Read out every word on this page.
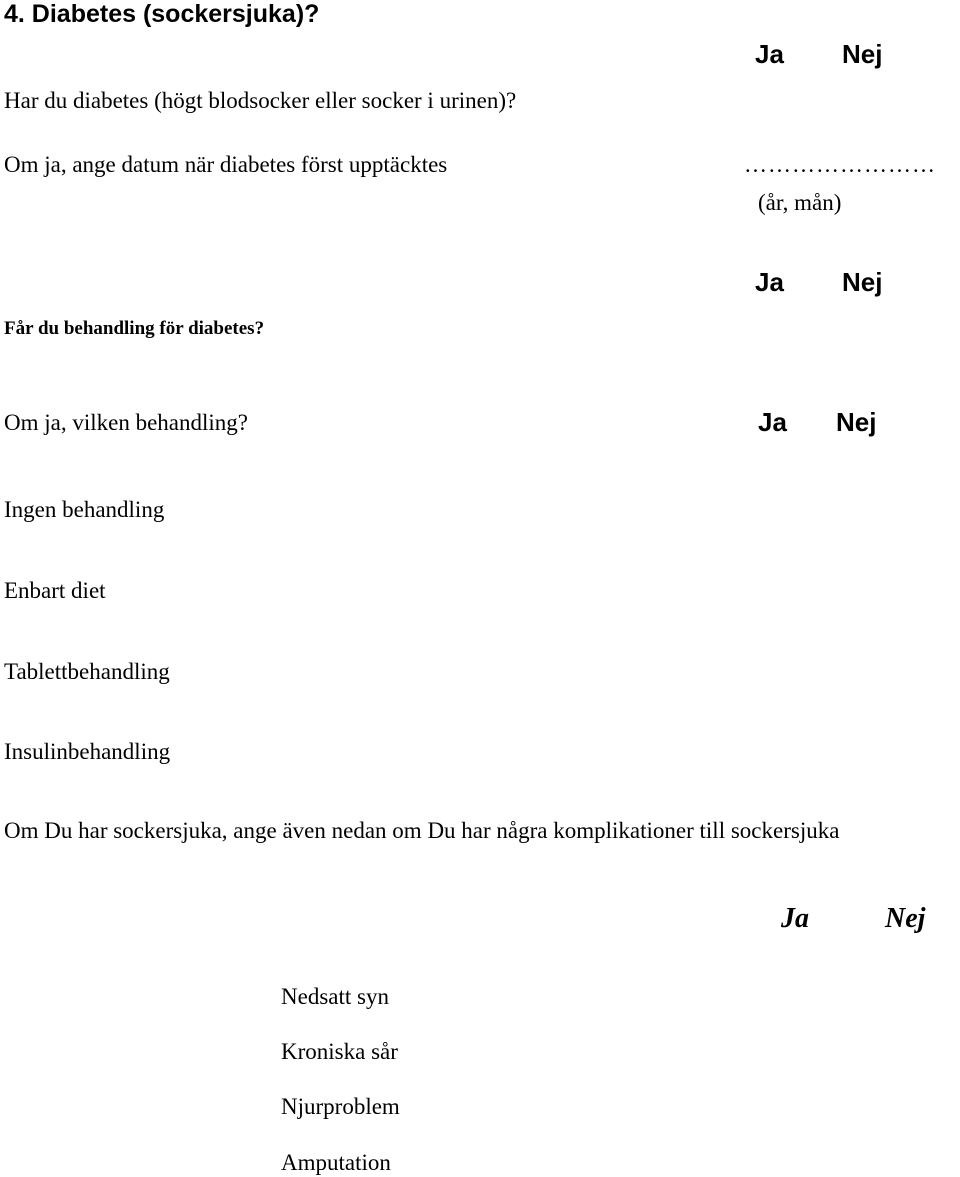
4. Diabetes (sockersjuka)?
Ja Nej
Har du diabetes (högt blodsocker eller socker i urinen)?
Om ja, ange datum när diabetes först upptäcktes	……………………
(år, mån)
Ja Nej
Får du behandling för diabetes?
Om ja, vilken behandling?	Ja Nej
Ingen behandling
Enbart diet
Tablettbehandling
Insulinbehandling
Om Du har sockersjuka, ange även nedan om Du har några komplikationer till sockersjuka
Ja	Nej
Nedsatt syn
Kroniska sår
Njurproblem
Amputation
